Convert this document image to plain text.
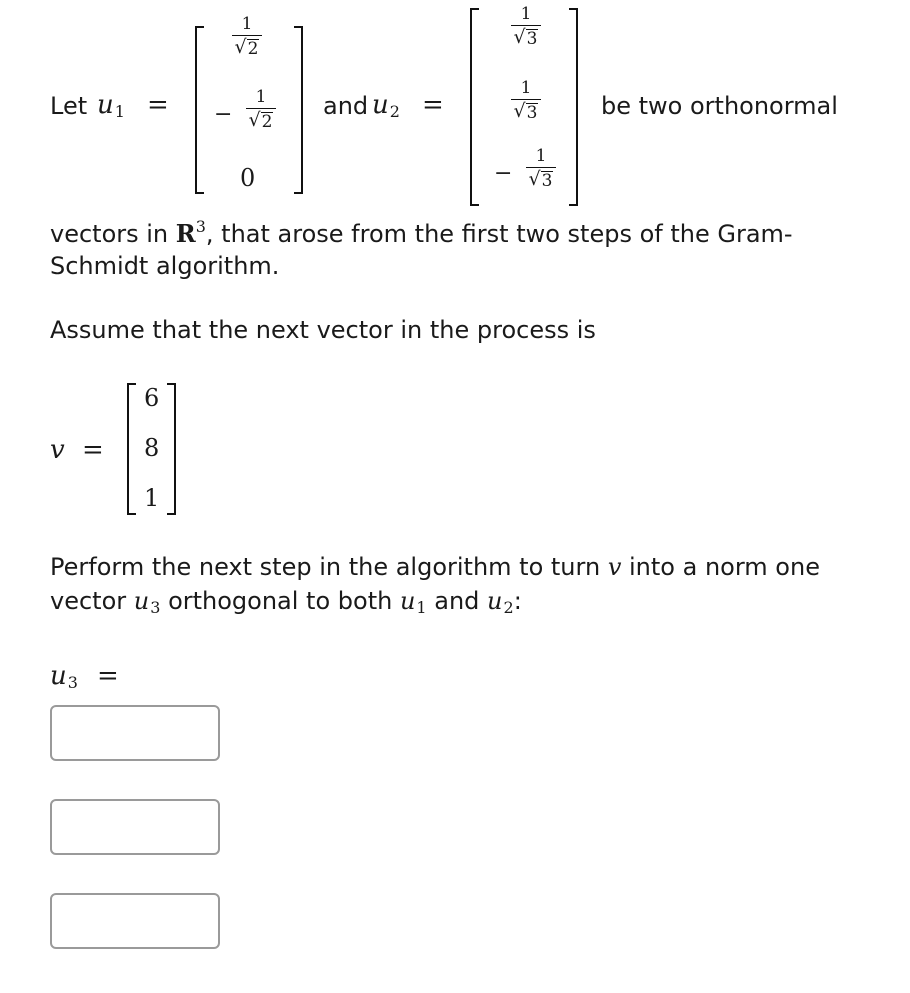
Let $u_1$ =
1
√ 2
−
1
√ 2
0
and $u_2$ =
1
√ 3
1
√ 3
−
1
√ 3
be two orthonormal
vectors in $R^3$, that arose from the first two steps of the Gram-
Schmidt algorithm.
Assume that the next vector in the process is
v =
6
8
1
Perform the next step in the algorithm to turn v into a norm one
vector $u_3$ orthogonal to both $u_1$ and $u_2$:
$u_3$ =
